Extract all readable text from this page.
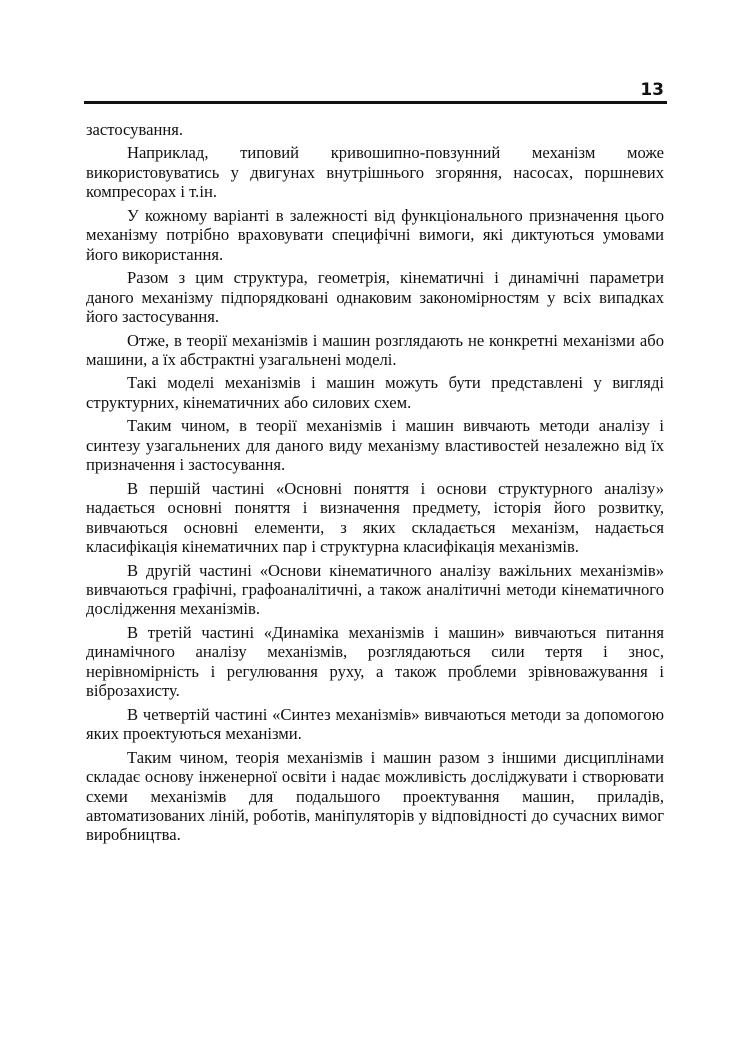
13

застосування.

Наприклад, типовий кривошипно-повзунний механізм може використовуватись у двигунах внутрішнього згоряння, насосах, поршневих компресорах і т.ін.

У кожному варіанті в залежності від функціонального призначення цього механізму потрібно враховувати специфічні вимоги, які диктуються умовами його використання.

Разом з цим структура, геометрія, кінематичні і динамічні параметри даного механізму підпорядковані однаковим закономірностям у всіх випадках його застосування.

Отже, в теорії механізмів і машин розглядають не конкретні механізми або машини, а їх абстрактні узагальнені моделі.

Такі моделі механізмів і машин можуть бути представлені у вигляді структурних, кінематичних або силових схем.

Таким чином, в теорії механізмів і машин вивчають методи аналізу і синтезу узагальнених для даного виду механізму властивостей незалежно від їх призначення і застосування.

В першій частині «Основні поняття і основи структурного аналізу» надається основні поняття і визначення предмету, історія його розвитку, вивчаються основні елементи, з яких складається механізм, надається класифікація кінематичних пар і структурна класифікація механізмів.

В другій частині «Основи кінематичного аналізу важільних механізмів» вивчаються графічні, графоаналітичні, а також аналітичні методи кінематичного дослідження механізмів.

В третій частині «Динаміка механізмів і машин» вивчаються питання динамічного аналізу механізмів, розглядаються сили тертя і знос, нерівномірність і регулювання руху, а також проблеми зрівноважування і віброзахисту.

В четвертій частині «Синтез механізмів» вивчаються методи за допомогою яких проектуються механізми.

Таким чином, теорія механізмів і машин разом з іншими дисциплінами складає основу інженерної освіти і надає можливість досліджувати і створювати схеми механізмів для подальшого проектування машин, приладів, автоматизованих ліній, роботів, маніпуляторів у відповідності до сучасних вимог виробництва.
